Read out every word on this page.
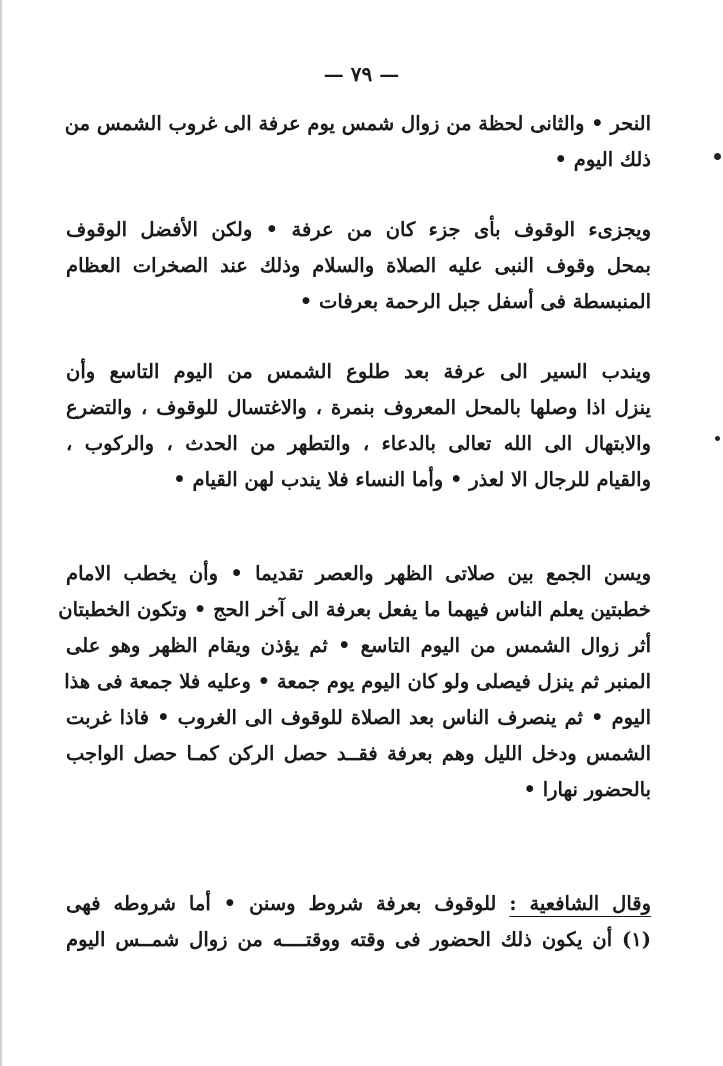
— ٧٩ —
النحر • والثانى لحظة من زوال شمس يوم عرفة الى غروب الشمس من
ذلك اليوم •
ويجزىء الوقوف بأى جزء كان من عرفة • ولكن الأفضل الوقوف
بمحل وقوف النبى عليه الصلاة والسلام وذلك عند الصخرات العظام
المنبسطة فى أسفل جبل الرحمة بعرفات •
ويندب السير الى عرفة بعد طلوع الشمس من اليوم التاسع وأن
ينزل اذا وصلها بالمحل المعروف بنمرة ، والاغتسال للوقوف ، والتضرع
والابتهال الى الله تعالى بالدعاء ، والتطهر من الحدث ، والركوب ،
والقيام للرجال الا لعذر • وأما النساء فلا يندب لهن القيام •
ويسن الجمع بين صلاتى الظهر والعصر تقديما • وأن يخطب الامام
خطبتين يعلم الناس فيهما ما يفعل بعرفة الى آخر الحج • وتكون الخطبتان
أثر زوال الشمس من اليوم التاسع • ثم يؤذن ويقام الظهر وهو على
المنبر ثم ينزل فيصلى ولو كان اليوم يوم جمعة • وعليه فلا جمعة فى هذا
اليوم • ثم ينصرف الناس بعد الصلاة للوقوف الى الغروب • فاذا غربت
الشمس ودخل الليل وهم بعرفة فقــد حصل الركن كمـا حصل الواجب
بالحضور نهارا •
وقال الشافعية : للوقوف بعرفة شروط وسنن • أما شروطه فهى
(١) أن يكون ذلك الحضور فى وقته ووقتــــه من زوال شمــس اليوم
